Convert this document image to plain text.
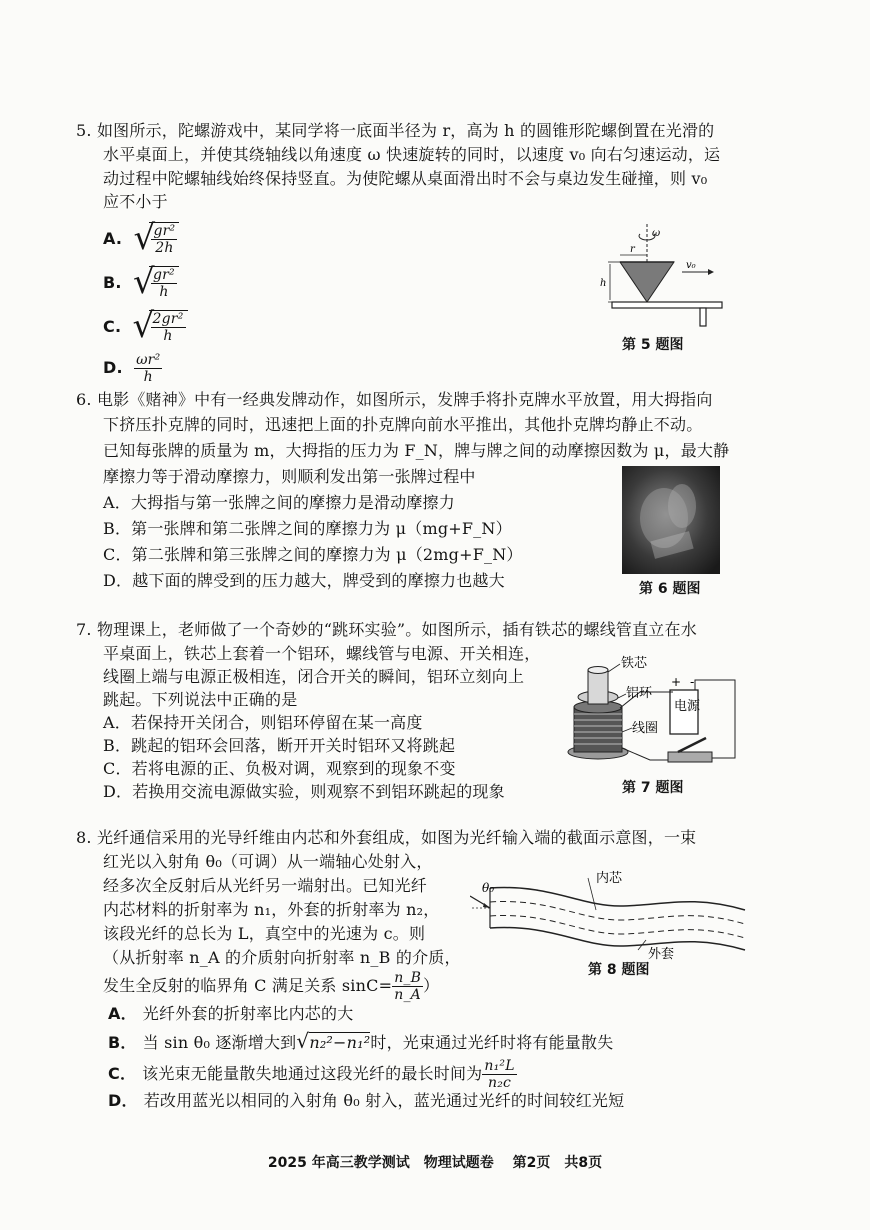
5. 如图所示，陀螺游戏中，某同学将一底面半径为 r，高为 h 的圆锥形陀螺倒置在光滑的
水平桌面上，并使其绕轴线以角速度 ω 快速旋转的同时，以速度 v₀ 向右匀速运动，运
动过程中陀螺轴线始终保持竖直。为使陀螺从桌面滑出时不会与桌边发生碰撞，则 v₀
应不小于
A. √
$\frac{\text{gr²}}{2h}$
B. √
$\frac{\text{gr²}}{h}$
C. √
$\frac{\text{2gr²}}{h}$
D. $\frac{\text{ωr²}}{h}$
ω
r
h
v₀
第 5 题图
6. 电影《赌神》中有一经典发牌动作，如图所示，发牌手将扑克牌水平放置，用大拇指向
下挤压扑克牌的同时，迅速把上面的扑克牌向前水平推出，其他扑克牌均静止不动。
已知每张牌的质量为 m，大拇指的压力为 F_N，牌与牌之间的动摩擦因数为 μ，最大静
摩擦力等于滑动摩擦力，则顺利发出第一张牌过程中
A．大拇指与第一张牌之间的摩擦力是滑动摩擦力
B．第一张牌和第二张牌之间的摩擦力为 μ（mg+F_N）
C．第二张牌和第三张牌之间的摩擦力为 μ（2mg+F_N）
D．越下面的牌受到的压力越大，牌受到的摩擦力也越大	第 6 题图
7. 物理课上，老师做了一个奇妙的“跳环实验”。如图所示，插有铁芯的螺线管直立在水
平桌面上，铁芯上套着一个铝环，螺线管与电源、开关相连，
线圈上端与电源正极相连，闭合开关的瞬间，铝环立刻向上
跳起。下列说法中正确的是
A．若保持开关闭合，则铝环停留在某一高度
B．跳起的铝环会回落，断开开关时铝环又将跳起
C．若将电源的正、负极对调，观察到的现象不变
D．若换用交流电源做实验，则观察不到铝环跳起的现象
铁芯
铝环
线圈
+ -
电源
第 7 题图
8. 光纤通信采用的光导纤维由内芯和外套组成，如图为光纤输入端的截面示意图，一束
红光以入射角 θ₀（可调）从一端轴心处射入，
经多次全反射后从光纤另一端射出。已知光纤
内芯材料的折射率为 n₁，外套的折射率为 n₂，
该段光纤的总长为 L，真空中的光速为 c。则
（从折射率 n_A 的介质射向折射率 n_B 的介质，
发生全反射的临界角 C 满足关系 $\sin C= \frac{n\_B}{n\_A}$ ）
A． 光纤外套的折射率比内芯的大
B． 当 sin θ₀ 逐渐增大到√n₂²−n₁²时，光束通过光纤时将有能量散失
C． 该光束无能量散失地通过这段光纤的最长时间为 $\frac{\text{n₁²L}}{\text{n₂c}}$
D． 若改用蓝光以相同的入射角 θ₀ 射入，蓝光通过光纤的时间较红光短
θ₀
内芯
外套
第 8 题图
2025 年高三教学测试　物理试题卷　 第2页　共8页
